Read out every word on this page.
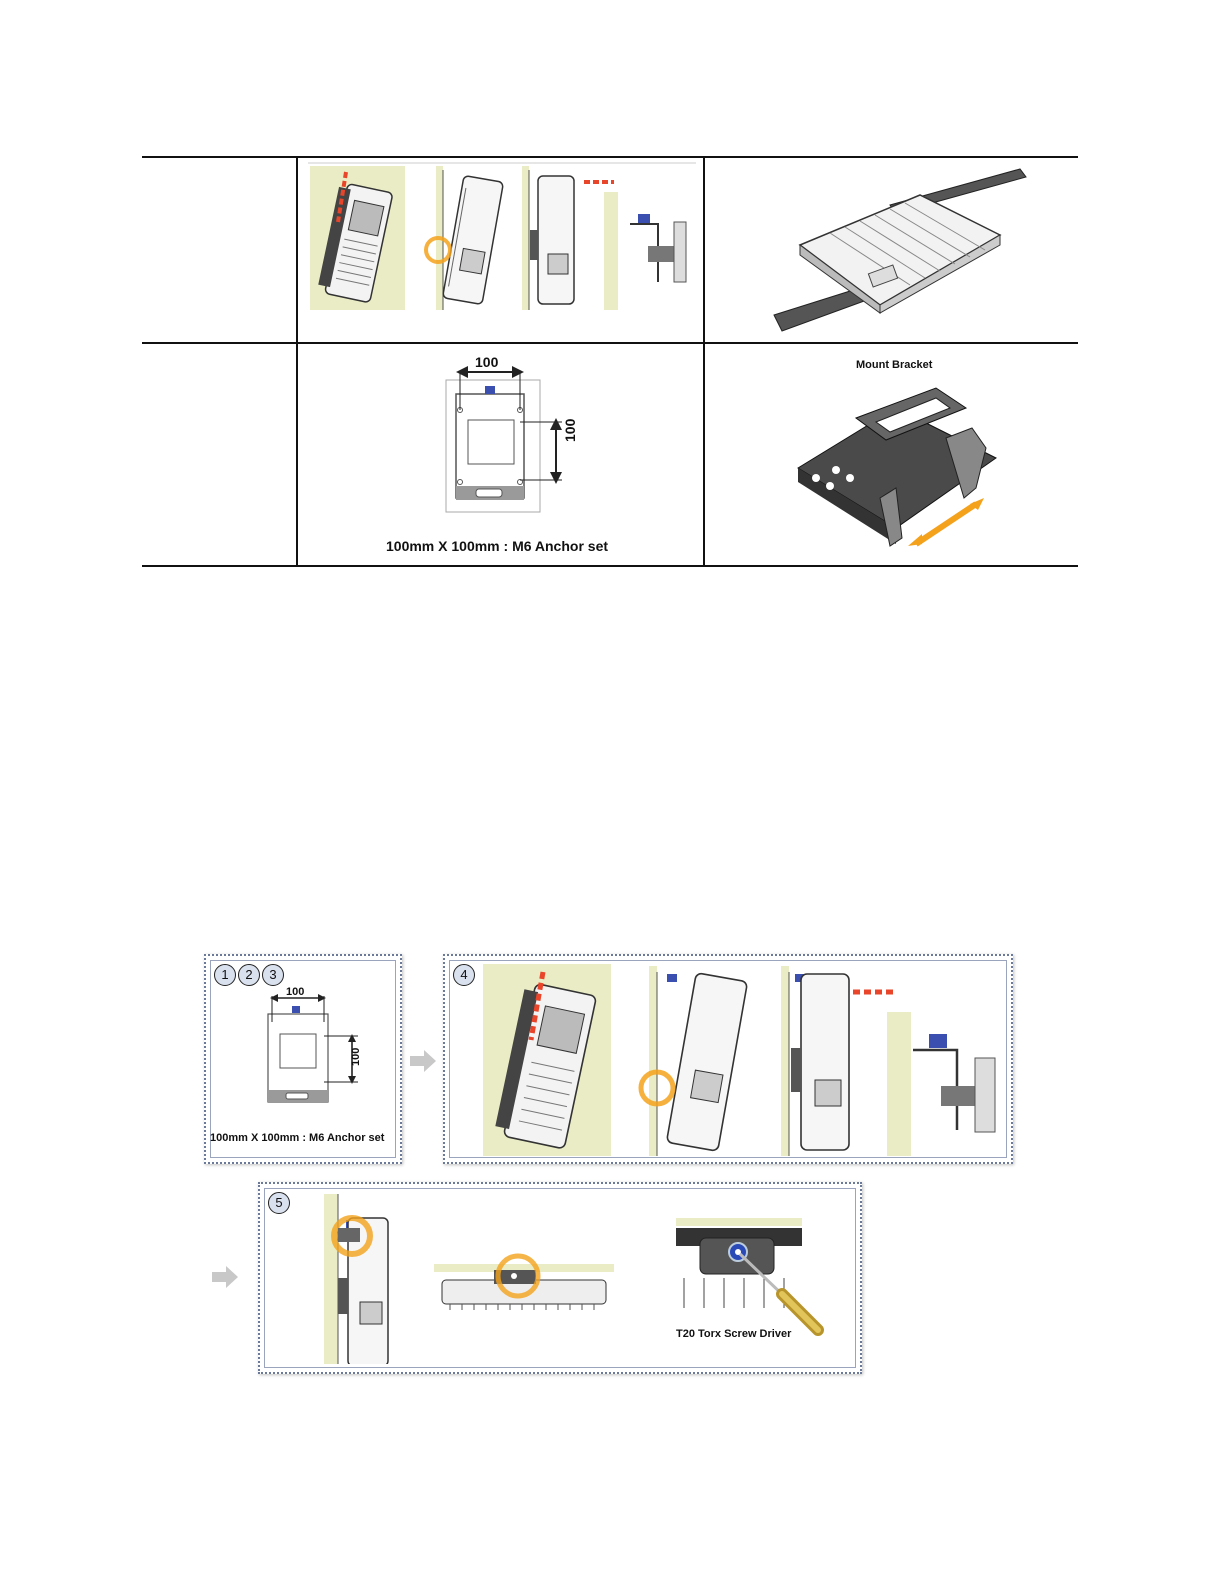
100
100
100mm X 100mm : M6 Anchor set
Mount Bracket
1	2	3
100
100
100mm X 100mm : M6 Anchor set
4
5
T20 Torx Screw Driver
